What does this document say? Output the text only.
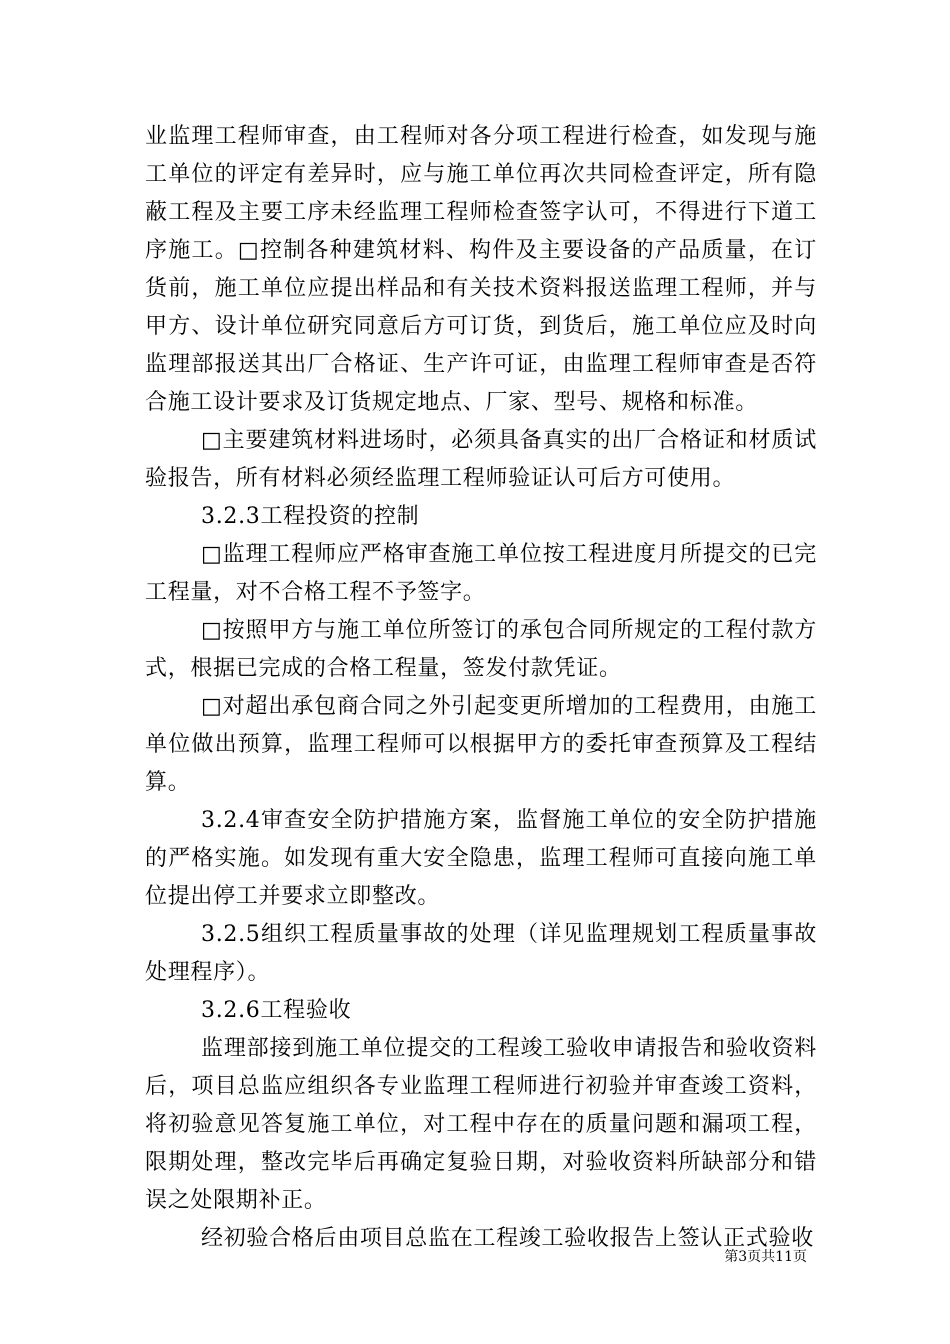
业监理工程师审查，由工程师对各分项工程进行检查，如发现与施工单位的评定有差异时，应与施工单位再次共同检查评定，所有隐蔽工程及主要工序未经监理工程师检查签字认可，不得进行下道工序施工。□控制各种建筑材料、构件及主要设备的产品质量，在订货前，施工单位应提出样品和有关技术资料报送监理工程师，并与甲方、设计单位研究同意后方可订货，到货后，施工单位应及时向监理部报送其出厂合格证、生产许可证，由监理工程师审查是否符合施工设计要求及订货规定地点、厂家、型号、规格和标准。

□主要建筑材料进场时，必须具备真实的出厂合格证和材质试验报告，所有材料必须经监理工程师验证认可后方可使用。

3.2.3工程投资的控制

□监理工程师应严格审查施工单位按工程进度月所提交的已完工程量，对不合格工程不予签字。

□按照甲方与施工单位所签订的承包合同所规定的工程付款方式，根据已完成的合格工程量，签发付款凭证。

□对超出承包商合同之外引起变更所增加的工程费用，由施工单位做出预算，监理工程师可以根据甲方的委托审查预算及工程结算。

3.2.4审查安全防护措施方案，监督施工单位的安全防护措施的严格实施。如发现有重大安全隐患，监理工程师可直接向施工单位提出停工并要求立即整改。

3.2.5组织工程质量事故的处理（详见监理规划工程质量事故处理程序）。

3.2.6工程验收

监理部接到施工单位提交的工程竣工验收申请报告和验收资料后，项目总监应组织各专业监理工程师进行初验并审查竣工资料，将初验意见答复施工单位，对工程中存在的质量问题和漏项工程，限期处理，整改完毕后再确定复验日期，对验收资料所缺部分和错误之处限期补正。

经初验合格后由项目总监在工程竣工验收报告上签认正式验收

第3页共11页
